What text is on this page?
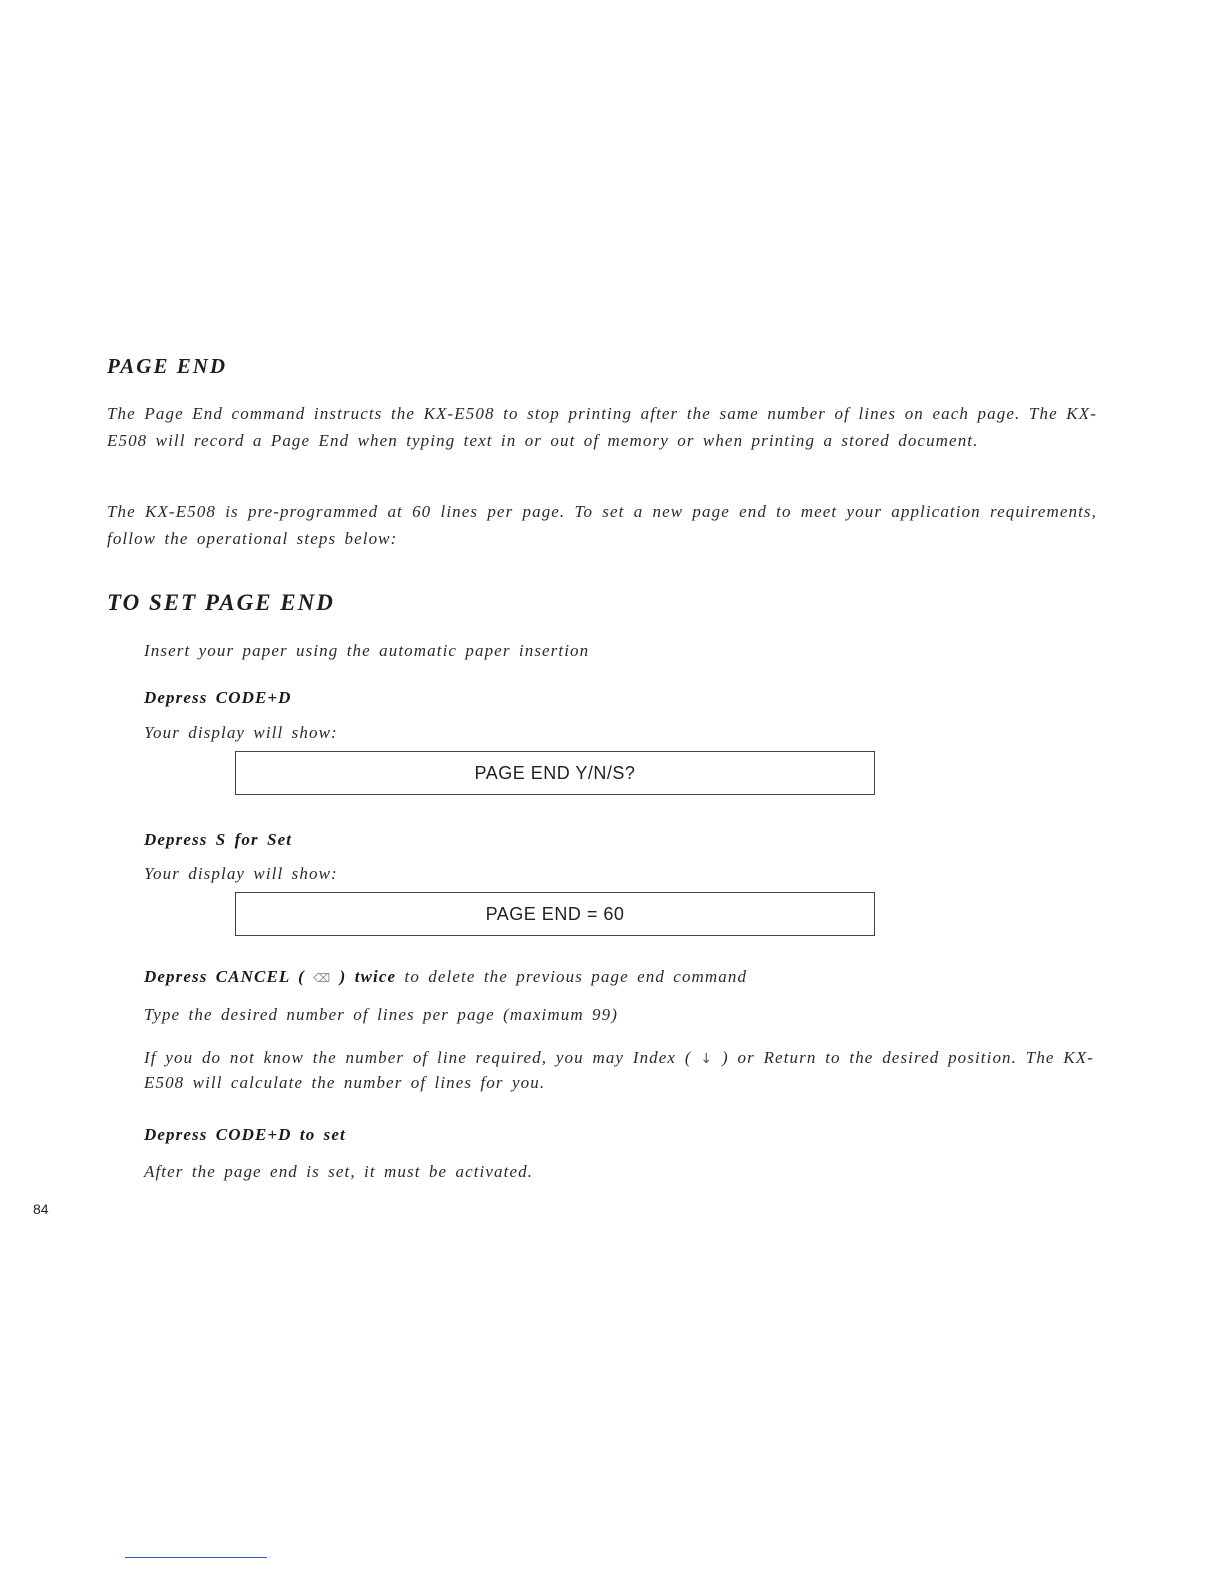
PAGE END

The Page End command instructs the KX-E508 to stop printing after the same number of lines on each page. The KX-E508 will record a Page End when typing text in or out of memory or when printing a stored document.

The KX-E508 is pre-programmed at 60 lines per page. To set a new page end to meet your application requirements, follow the operational steps below:

TO SET PAGE END

Insert your paper using the automatic paper insertion

Depress CODE+D

Your display will show:

PAGE END Y/N/S?

Depress S for Set

Your display will show:

PAGE END = 60

Depress CANCEL ( ⌫ ) twice to delete the previous page end command

Type the desired number of lines per page (maximum 99)

If you do not know the number of line required, you may Index ( ↓ ) or Return to the desired position. The KX-E508 will calculate the number of lines for you.

Depress CODE+D to set

After the page end is set, it must be activated.

84
